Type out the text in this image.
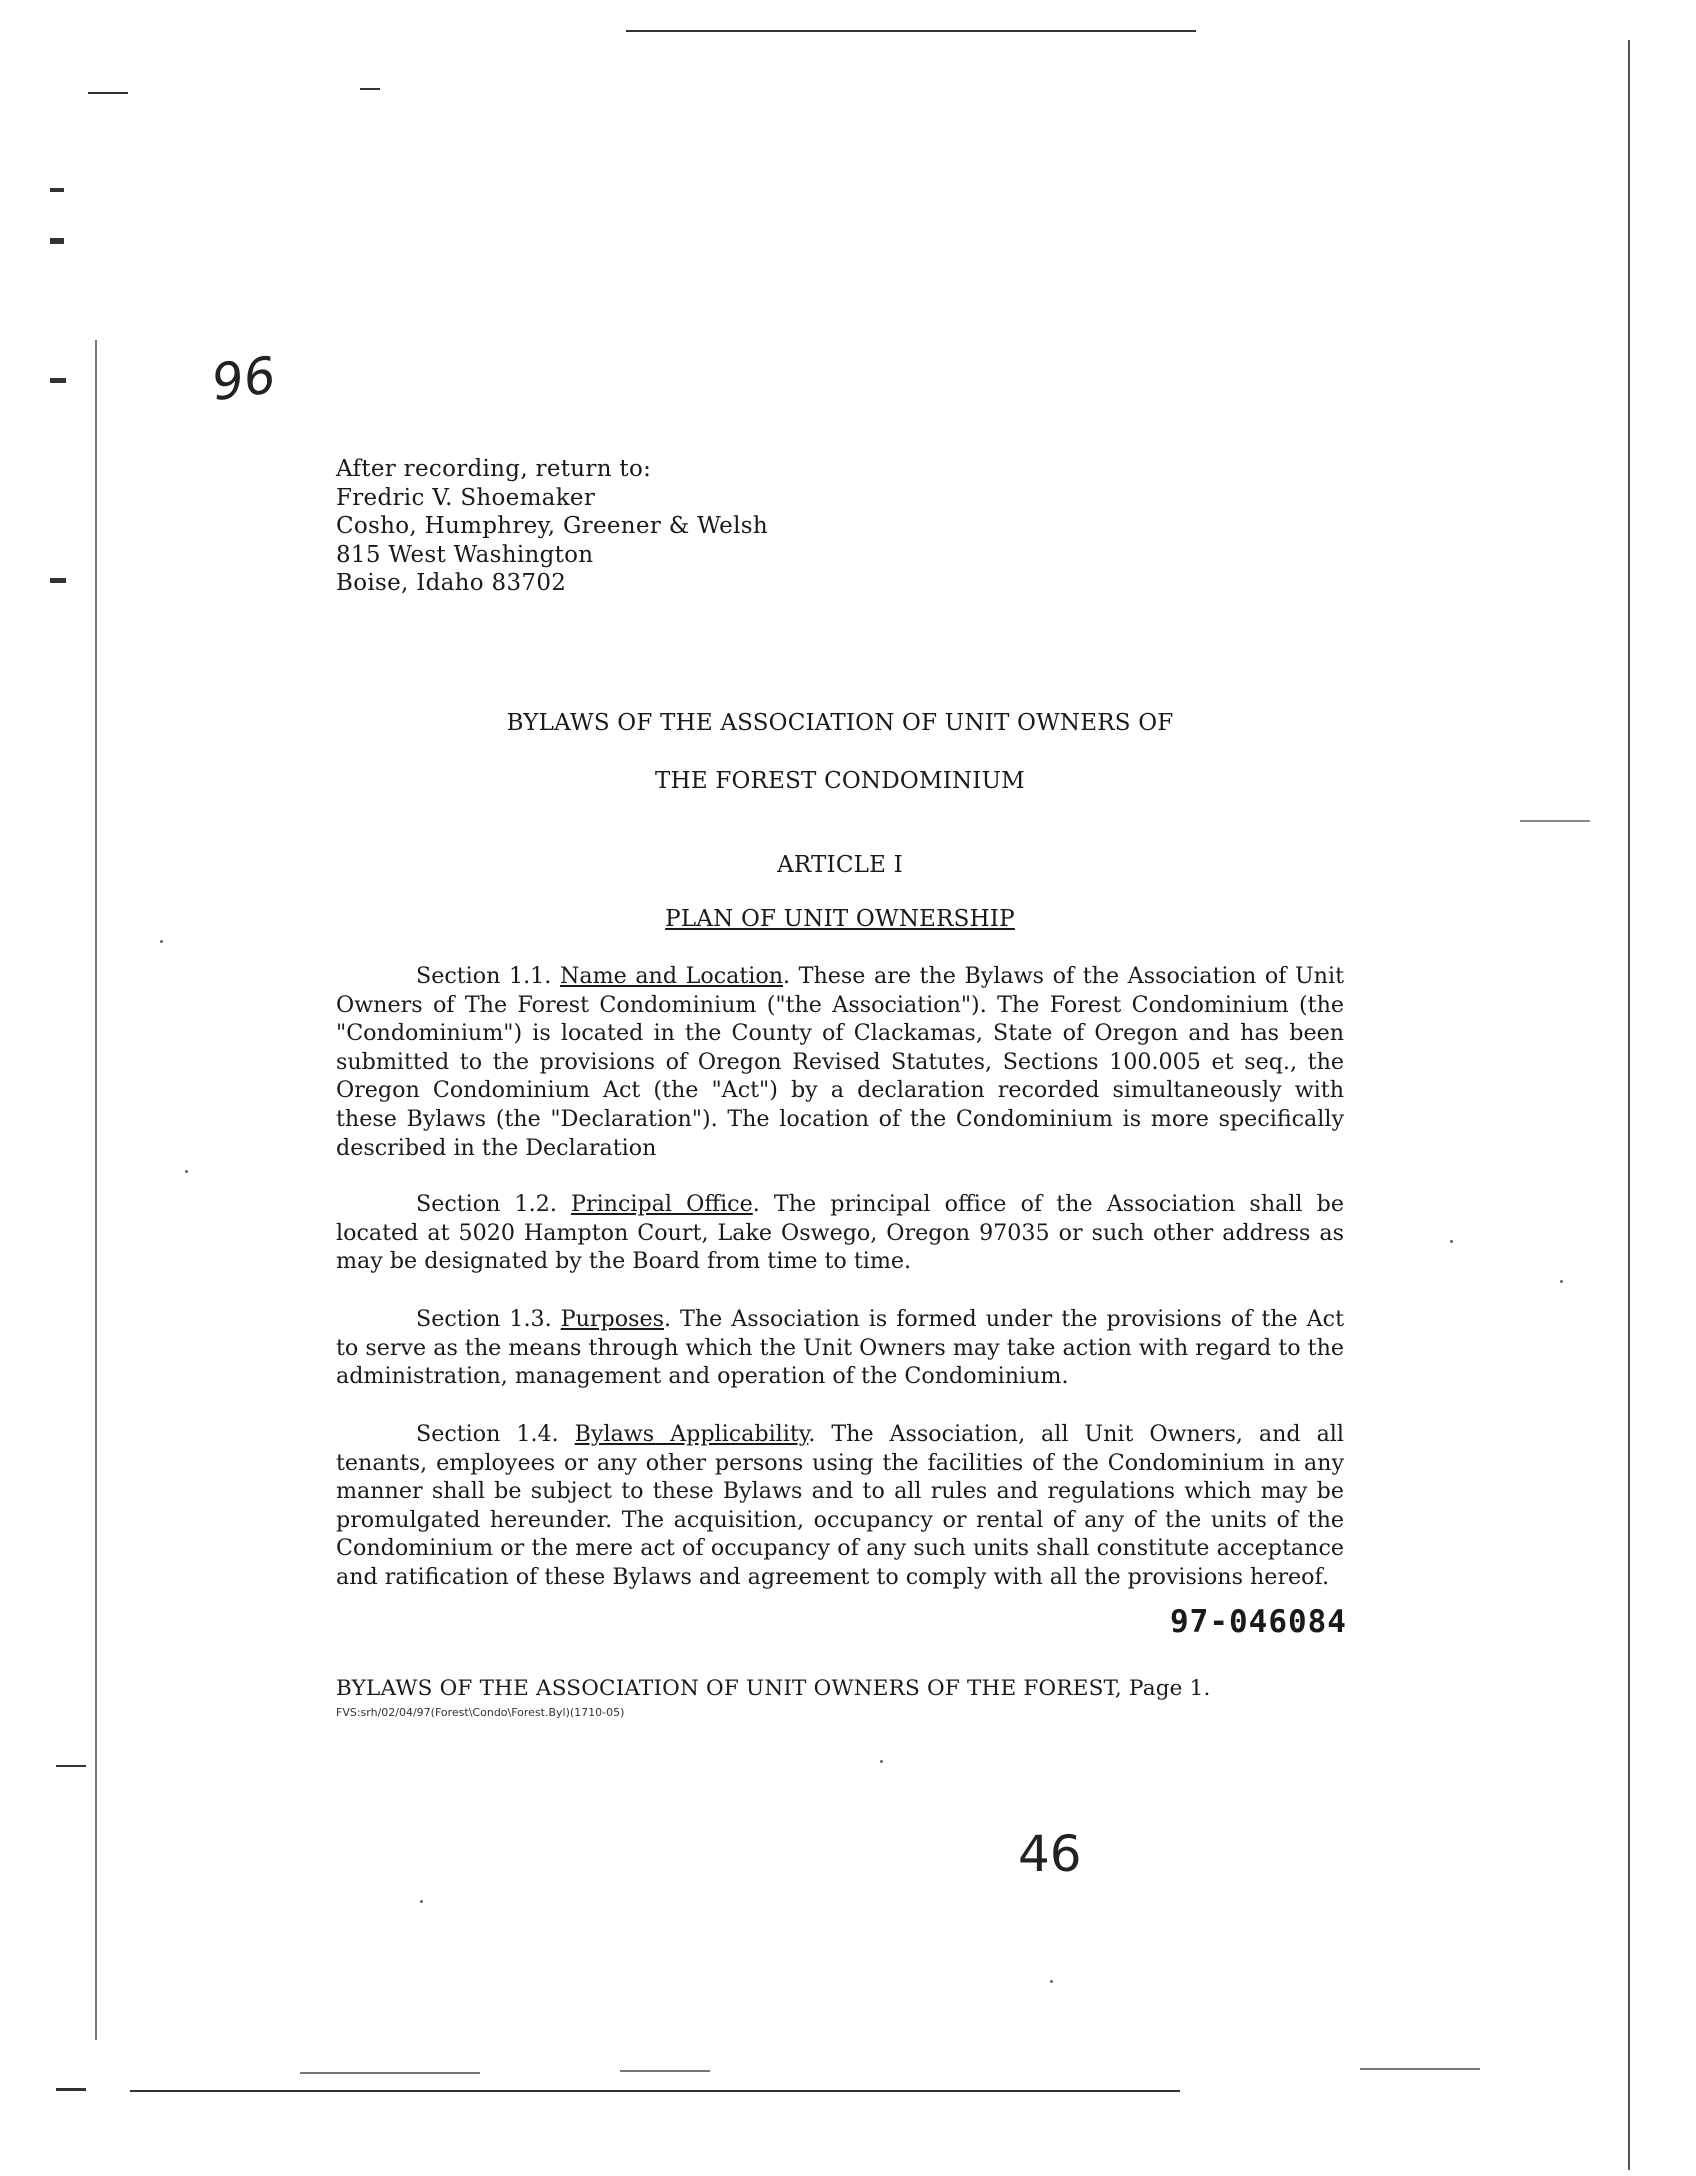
96
46
After recording, return to:
Fredric V. Shoemaker
Cosho, Humphrey, Greener & Welsh
815 West Washington
Boise, Idaho 83702
BYLAWS OF THE ASSOCIATION OF UNIT OWNERS OF
THE FOREST CONDOMINIUM
ARTICLE I
PLAN OF UNIT OWNERSHIP
Section 1.1. Name and Location. These are the Bylaws of the Association of Unit Owners of The Forest Condominium ("the Association"). The Forest Condominium (the "Condominium") is located in the County of Clackamas, State of Oregon and has been submitted to the provisions of Oregon Revised Statutes, Sections 100.005 et seq., the Oregon Condominium Act (the "Act") by a declaration recorded simultaneously with these Bylaws (the "Declaration"). The location of the Condominium is more specifically described in the Declaration
Section 1.2. Principal Office. The principal office of the Association shall be located at 5020 Hampton Court, Lake Oswego, Oregon 97035 or such other address as may be designated by the Board from time to time.
Section 1.3. Purposes. The Association is formed under the provisions of the Act to serve as the means through which the Unit Owners may take action with regard to the administration, management and operation of the Condominium.
Section 1.4. Bylaws Applicability. The Association, all Unit Owners, and all tenants, employees or any other persons using the facilities of the Condominium in any manner shall be subject to these Bylaws and to all rules and regulations which may be promulgated hereunder. The acquisition, occupancy or rental of any of the units of the Condominium or the mere act of occupancy of any such units shall constitute acceptance and ratification of these Bylaws and agreement to comply with all the provisions hereof.
97-046084
BYLAWS OF THE ASSOCIATION OF UNIT OWNERS OF THE FOREST, Page 1.
FVS:srh/02/04/97(Forest\Condo\Forest.Byl)(1710-05)
